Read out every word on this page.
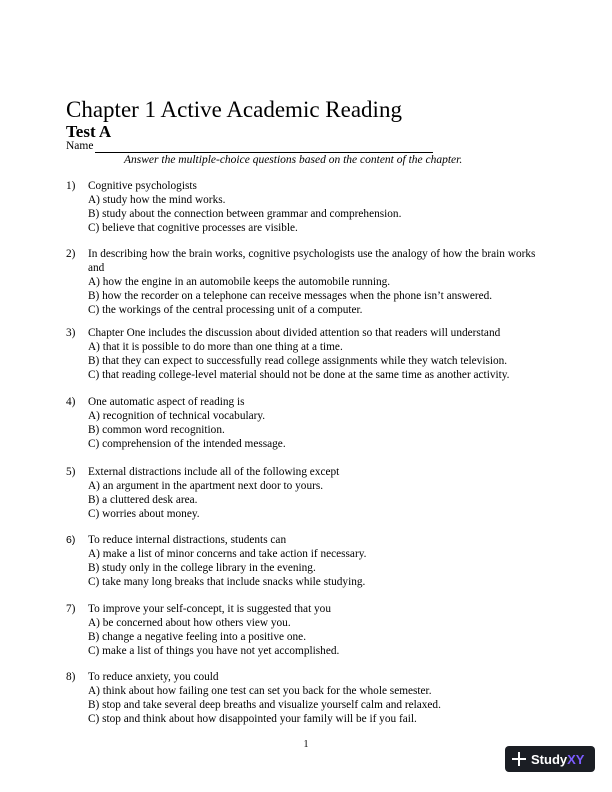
Chapter 1 Active Academic Reading
Test A
Name
Answer the multiple-choice questions based on the content of the chapter.
1)	Cognitive psychologists
A) study how the mind works.
B) study about the connection between grammar and comprehension.
C) believe that cognitive processes are visible.
2)	In describing how the brain works, cognitive psychologists use the analogy of how the brain works and
A) how the engine in an automobile keeps the automobile running.
B) how the recorder on a telephone can receive messages when the phone isn’t answered.
C) the workings of the central processing unit of a computer.
3)	Chapter One includes the discussion about divided attention so that readers will understand
A) that it is possible to do more than one thing at a time.
B) that they can expect to successfully read college assignments while they watch television.
C) that reading college-level material should not be done at the same time as another activity.
4)	One automatic aspect of reading is
A) recognition of technical vocabulary.
B) common word recognition.
C) comprehension of the intended message.
5)	External distractions include all of the following except
A) an argument in the apartment next door to yours.
B) a cluttered desk area.
C) worries about money.
6)	To reduce internal distractions, students can
A) make a list of minor concerns and take action if necessary.
B) study only in the college library in the evening.
C) take many long breaks that include snacks while studying.
7)	To improve your self-concept, it is suggested that you
A) be concerned about how others view you.
B) change a negative feeling into a positive one.
C) make a list of things you have not yet accomplished.
8)	To reduce anxiety, you could
A) think about how failing one test can set you back for the whole semester.
B) stop and take several deep breaths and visualize yourself calm and relaxed.
C) stop and think about how disappointed your family will be if you fail.
1
StudyXY
